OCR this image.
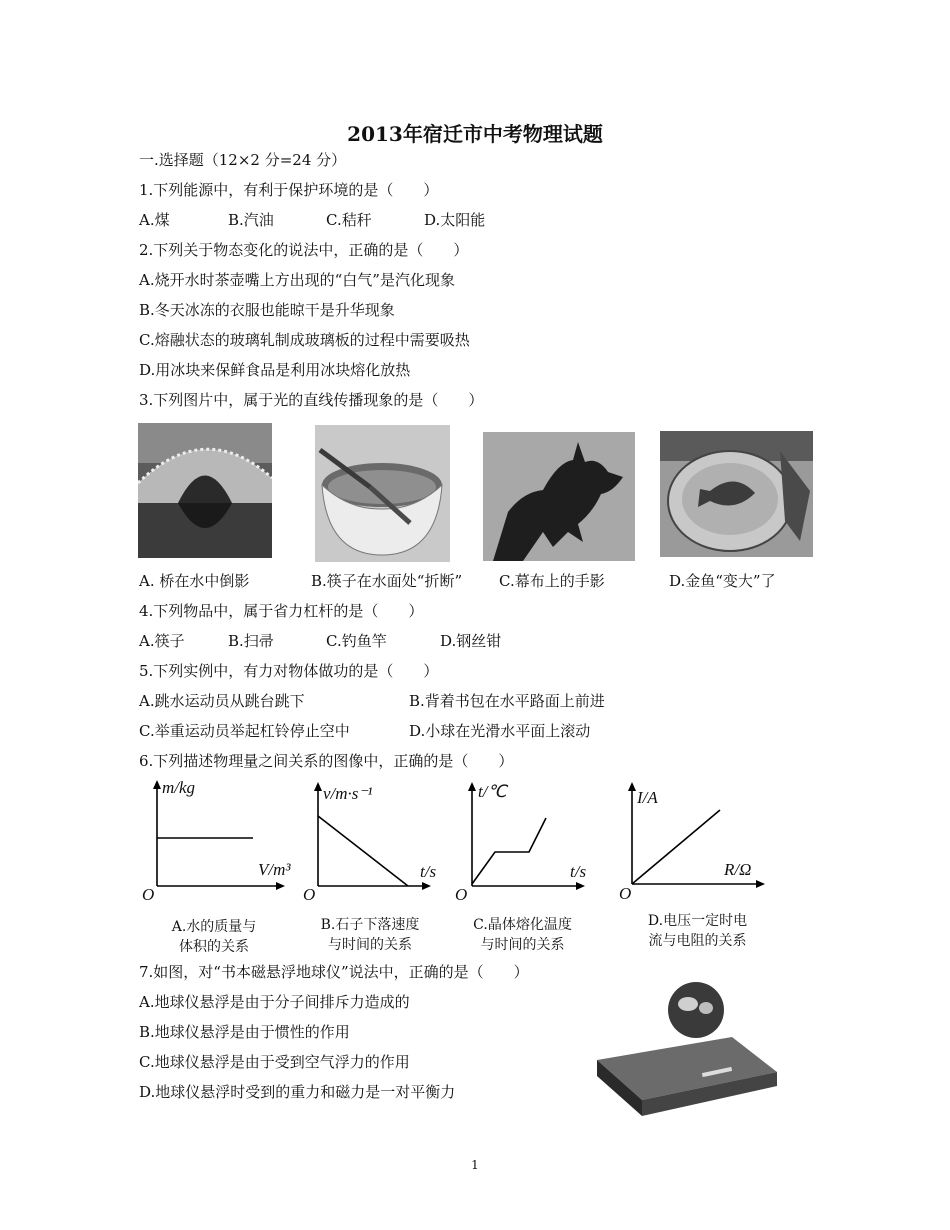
2013年宿迁市中考物理试题
一.选择题（12×2 分=24 分）
1.下列能源中，有利于保护环境的是（　　）
A.煤	B.汽油	C.秸秆	D.太阳能
2.下列关于物态变化的说法中，正确的是（　　）
A.烧开水时茶壶嘴上方出现的“白气”是汽化现象
B.冬天冰冻的衣服也能晾干是升华现象
C.熔融状态的玻璃轧制成玻璃板的过程中需要吸热
D.用冰块来保鲜食品是利用冰块熔化放热
3.下列图片中，属于光的直线传播现象的是（　　）
A. 桥在水中倒影	B.筷子在水面处“折断” C.幕布上的手影	D.金鱼“变大”了
4.下列物品中，属于省力杠杆的是（　　）
A.筷子	B.扫帚	C.钓鱼竿	D.钢丝钳
5.下列实例中，有力对物体做功的是（　　）
A.跳水运动员从跳台跳下	B.背着书包在水平路面上前进
C.举重运动员举起杠铃停止空中	D.小球在光滑水平面上滚动
6.下列描述物理量之间关系的图像中，正确的是（　　）
m/kg
V/m³
O
A.水的质量与
体积的关系
v/m·s⁻¹
t/s
O
B.石子下落速度
与时间的关系
t/℃
t/s
O
C.晶体熔化温度
与时间的关系
I/A
R/Ω
O
D.电压一定时电
流与电阻的关系
7.如图，对“书本磁悬浮地球仪”说法中，正确的是（　　）
A.地球仪悬浮是由于分子间排斥力造成的
B.地球仪悬浮是由于惯性的作用
C.地球仪悬浮是由于受到空气浮力的作用
D.地球仪悬浮时受到的重力和磁力是一对平衡力
1
